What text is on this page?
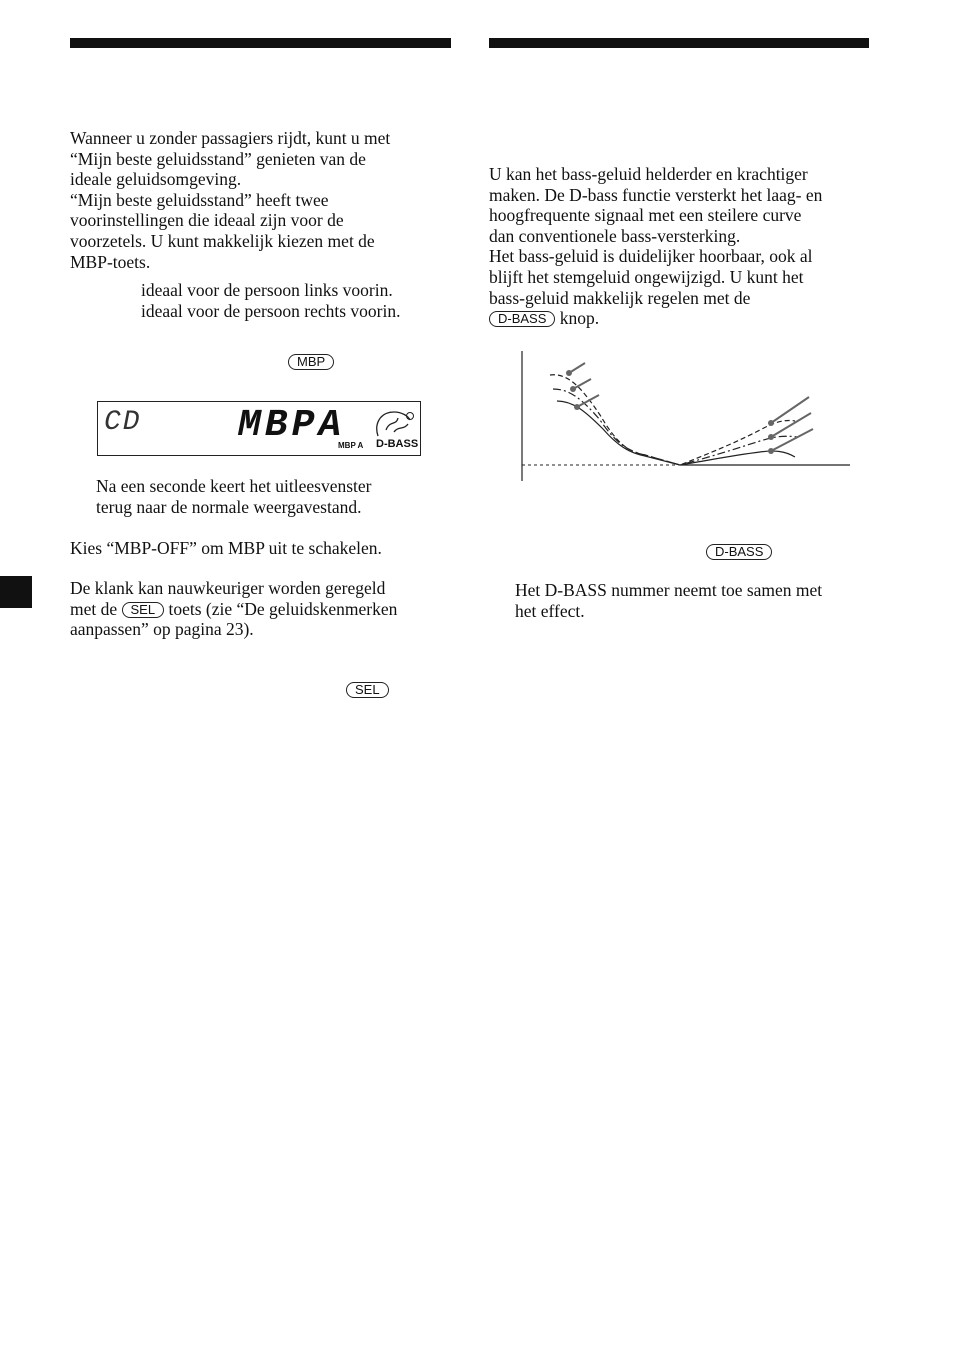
Wanneer u zonder passagiers rijdt, kunt u met
“Mijn beste geluidsstand” genieten van de
ideale geluidsomgeving.
“Mijn beste geluidsstand” heeft twee
voorinstellingen die ideaal zijn voor de
voorzetels. U kunt makkelijk kiezen met de
MBP-toets.
ideaal voor de persoon links voorin.
ideaal voor de persoon rechts voorin.
MBP
CD	MBPA
MBP A D-BASS
Na een seconde keert het uitleesvenster
terug naar de normale weergavestand.
Kies “MBP-OFF” om MBP uit te schakelen.
De klank kan nauwkeuriger worden geregeld
met de SEL toets (zie “De geluidskenmerken
aanpassen” op pagina 23).
SEL
U kan het bass-geluid helderder en krachtiger
maken. De D-bass functie versterkt het laag- en
hoogfrequente signaal met een steilere curve
dan conventionele bass-versterking.
Het bass-geluid is duidelijker hoorbaar, ook al
blijft het stemgeluid ongewijzigd. U kunt het
bass-geluid makkelijk regelen met de
D-BASS knop.
D-BASS
Het D-BASS nummer neemt toe samen met
het effect.
